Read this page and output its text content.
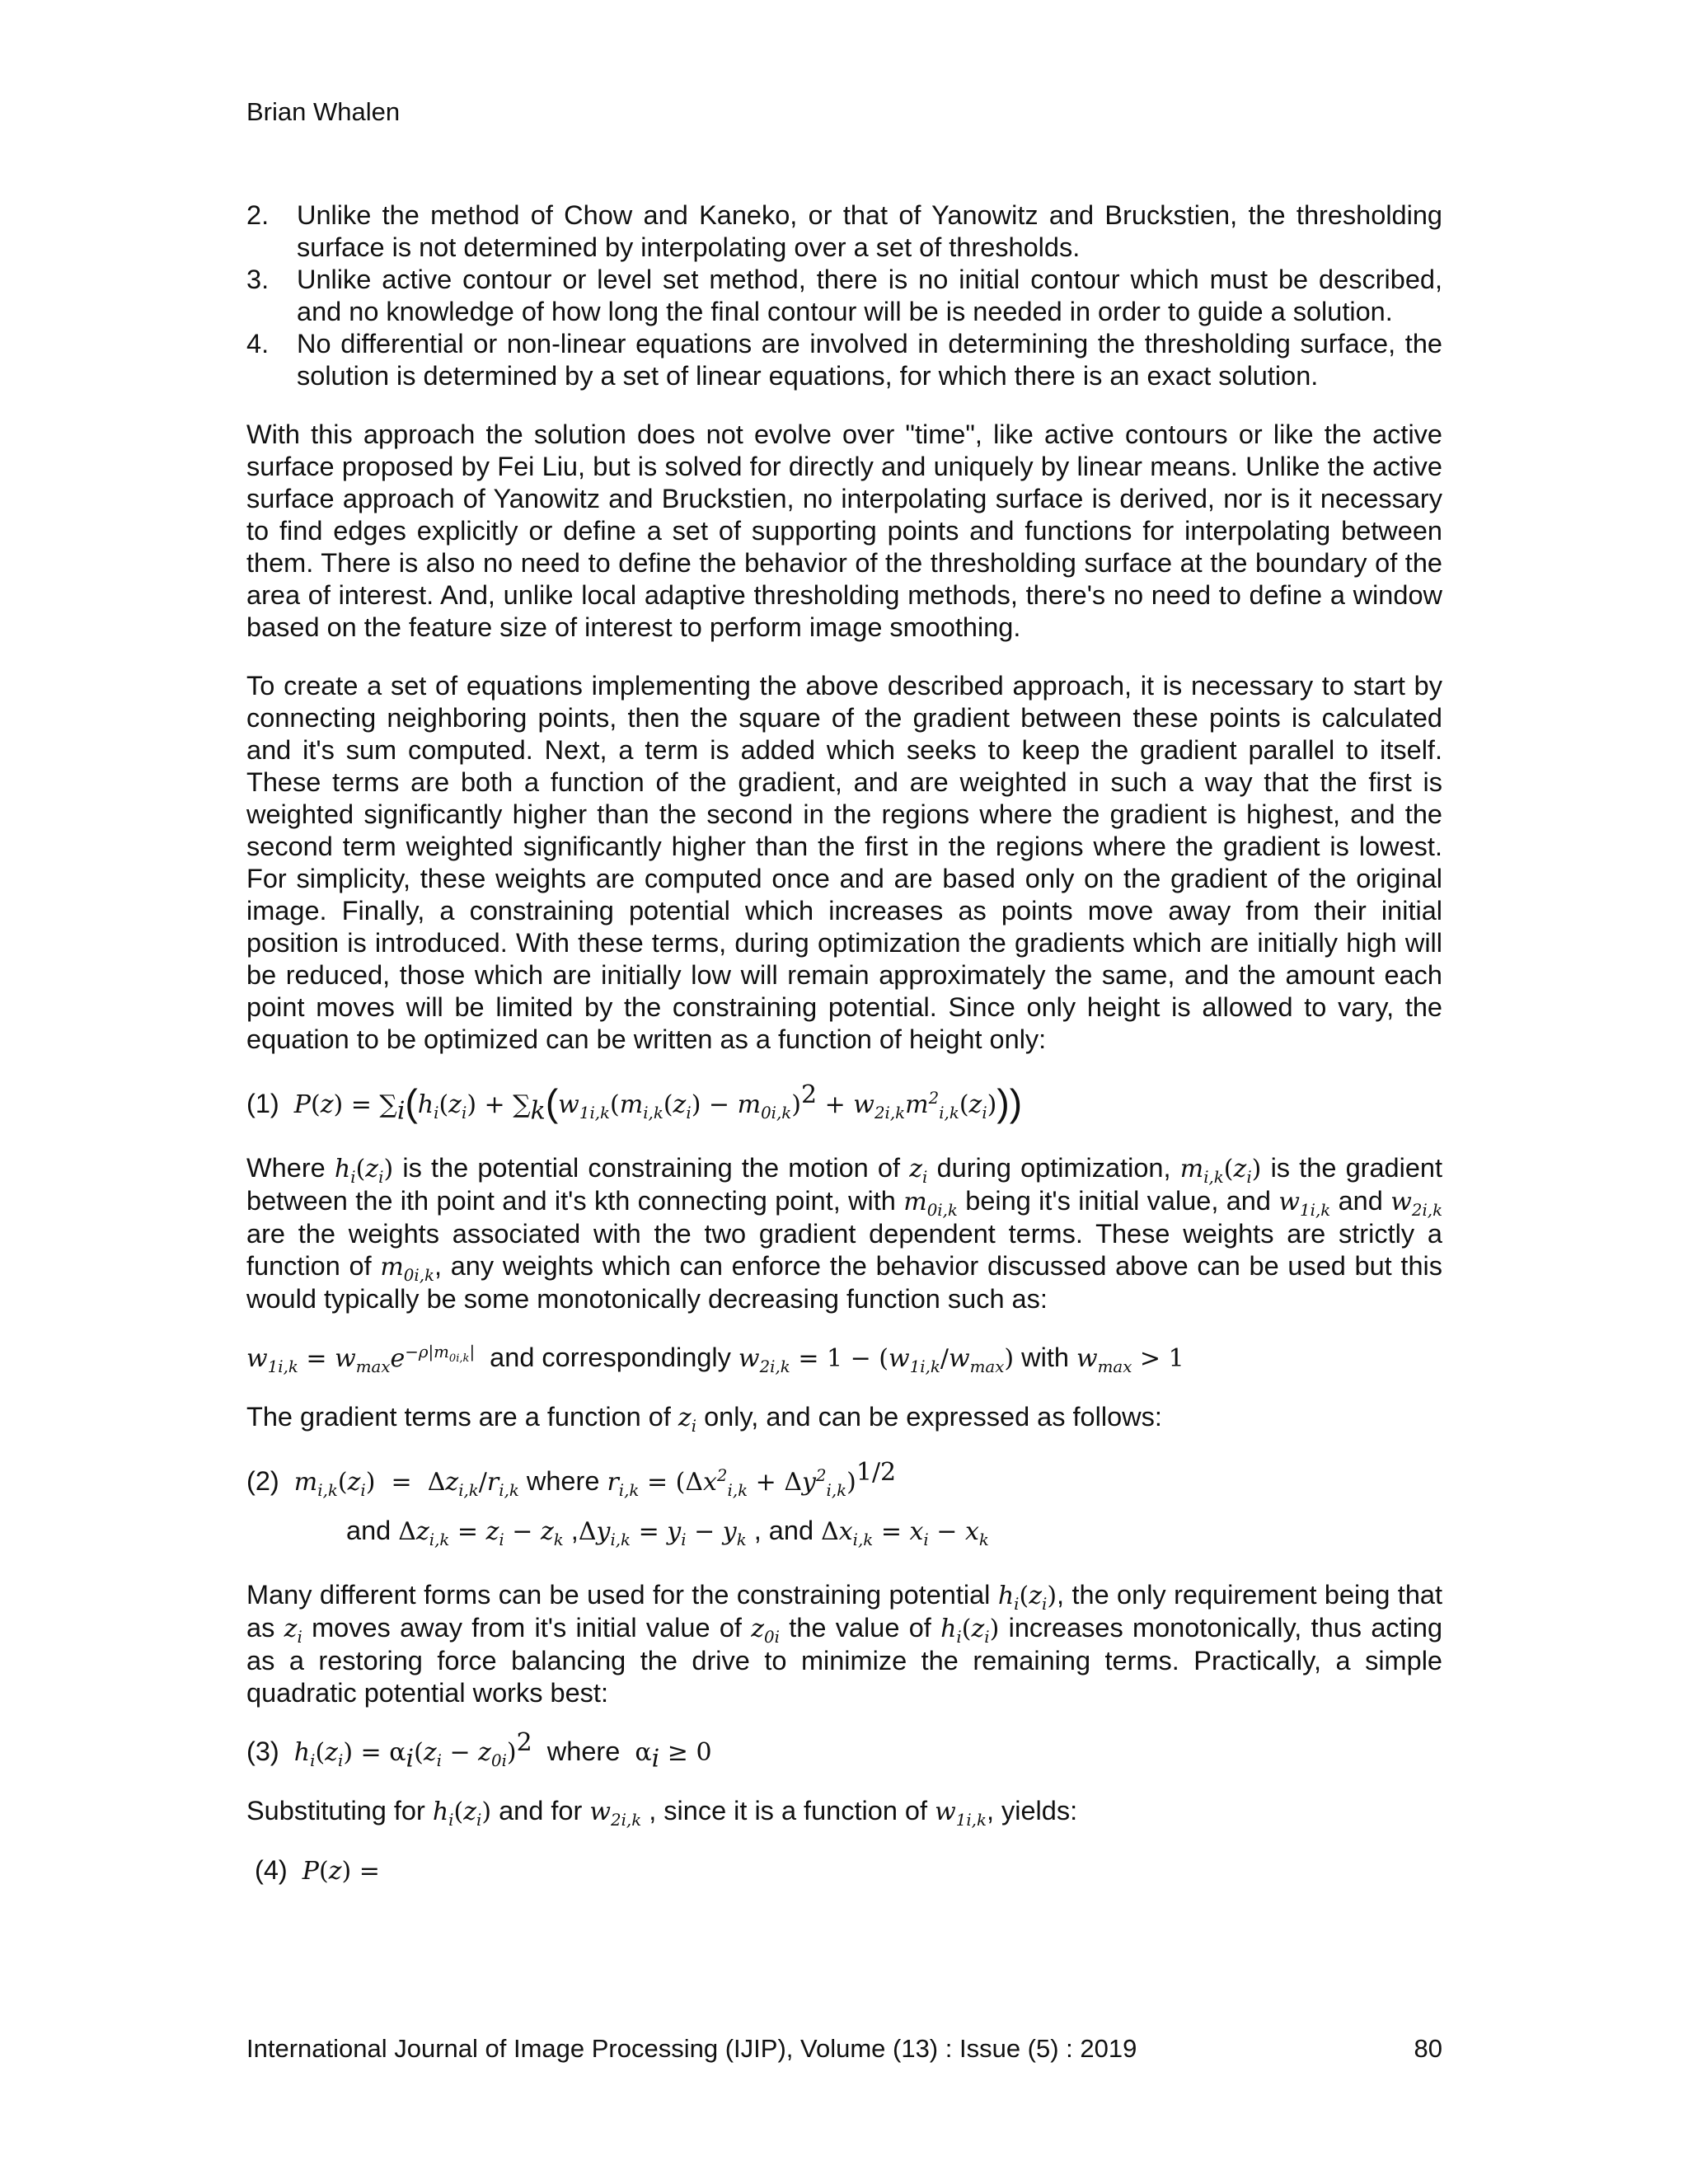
Brian Whalen
2. Unlike the method of Chow and Kaneko, or that of Yanowitz and Bruckstien, the thresholding surface is not determined by interpolating over a set of thresholds.
3. Unlike active contour or level set method, there is no initial contour which must be described, and no knowledge of how long the final contour will be is needed in order to guide a solution.
4. No differential or non-linear equations are involved in determining the thresholding surface, the solution is determined by a set of linear equations, for which there is an exact solution.

With this approach the solution does not evolve over "time", like active contours or like the active surface proposed by Fei Liu, but is solved for directly and uniquely by linear means. Unlike the active surface approach of Yanowitz and Bruckstien, no interpolating surface is derived, nor is it necessary to find edges explicitly or define a set of supporting points and functions for interpolating between them. There is also no need to define the behavior of the thresholding surface at the boundary of the area of interest. And, unlike local adaptive thresholding methods, there's no need to define a window based on the feature size of interest to perform image smoothing.

To create a set of equations implementing the above described approach, it is necessary to start by connecting neighboring points, then the square of the gradient between these points is calculated and it's sum computed. Next, a term is added which seeks to keep the gradient parallel to itself. These terms are both a function of the gradient, and are weighted in such a way that the first is weighted significantly higher than the second in the regions where the gradient is highest, and the second term weighted significantly higher than the first in the regions where the gradient is lowest. For simplicity, these weights are computed once and are based only on the gradient of the original image. Finally, a constraining potential which increases as points move away from their initial position is introduced. With these terms, during optimization the gradients which are initially high will be reduced, those which are initially low will remain approximately the same, and the amount each point moves will be limited by the constraining potential. Since only height is allowed to vary, the equation to be optimized can be written as a function of height only:

(1) $P(z) = \sum_i(h_i(z_i) + \sum_k(w_{1i,k}(m_{i,k}(z_i) - m_{0i,k})^2 + w_{2i,k}m^2_{i,k}(z_i)))$

Where $h_i(z_i)$ is the potential constraining the motion of $z_i$ during optimization, $m_{i,k}(z_i)$ is the gradient between the ith point and it's kth connecting point, with $m_{0i,k}$ being it's initial value, and $w_{1i,k}$ and $w_{2i,k}$ are the weights associated with the two gradient dependent terms. These weights are strictly a function of $m_{0i,k}$, any weights which can enforce the behavior discussed above can be used but this would typically be some monotonically decreasing function such as:

$w_{1i,k} = w_{max}e^{-\rho|m_{0i,k}|}$ and correspondingly $w_{2i,k} = 1 - (w_{1i,k}/w_{max})$ with $w_{max} > 1$

The gradient terms are a function of $z_i$ only, and can be expressed as follows:

(2) $m_{i,k}(z_i) = \Delta z_{i,k}/r_{i,k}$ where $r_{i,k} = (\Delta x^2_{i,k} + \Delta y^2_{i,k})^{1/2}$
and $\Delta z_{i,k} = z_i - z_k$ $,\Delta y_{i,k} = y_i - y_k$ , and $\Delta x_{i,k} = x_i - x_k$

Many different forms can be used for the constraining potential $h_i(z_i)$, the only requirement being that as $z_i$ moves away from it's initial value of $z_{0i}$ the value of $h_i(z_i)$ increases monotonically, thus acting as a restoring force balancing the drive to minimize the remaining terms. Practically, a simple quadratic potential works best:

(3) $h_i(z_i) = \alpha_i(z_i - z_{0i})^2$ where $\alpha_i \ge 0$

Substituting for $h_i(z_i)$ and for $w_{2i,k}$ , since it is a function of $w_{1i,k}$, yields:

(4) P(z) =
International Journal of Image Processing (IJIP), Volume (13) : Issue (5) : 2019	80
